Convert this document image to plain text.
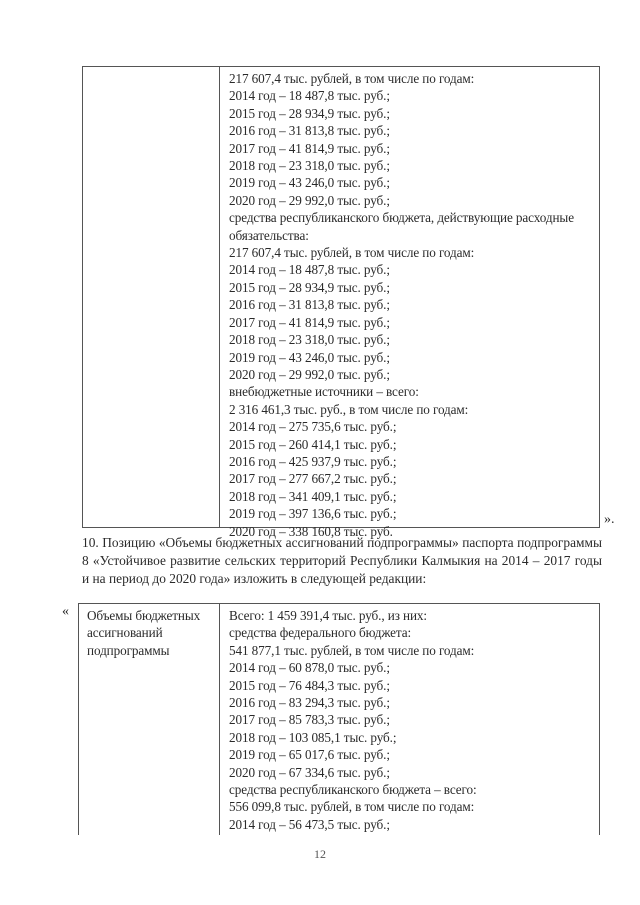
217 607,4 тыс. рублей, в том числе по годам:
2014 год – 18 487,8 тыс. руб.;
2015 год – 28 934,9 тыс. руб.;
2016 год – 31 813,8 тыс. руб.;
2017 год – 41 814,9 тыс. руб.;
2018 год – 23 318,0 тыс. руб.;
2019 год – 43 246,0 тыс. руб.;
2020 год – 29 992,0 тыс. руб.;
средства республиканского бюджета, действующие расходные обязательства:
217 607,4 тыс. рублей, в том числе по годам:
2014 год – 18 487,8 тыс. руб.;
2015 год – 28 934,9 тыс. руб.;
2016 год – 31 813,8 тыс. руб.;
2017 год – 41 814,9 тыс. руб.;
2018 год – 23 318,0 тыс. руб.;
2019 год – 43 246,0 тыс. руб.;
2020 год – 29 992,0 тыс. руб.;
внебюджетные источники – всего:
2 316 461,3 тыс. руб., в том числе по годам:
2014 год – 275 735,6 тыс. руб.;
2015 год – 260 414,1 тыс. руб.;
2016 год – 425 937,9 тыс. руб.;
2017 год – 277 667,2 тыс. руб.;
2018 год – 341 409,1 тыс. руб.;
2019 год – 397 136,6 тыс. руб.;
2020 год – 338 160,8 тыс. руб.
».
10. Позицию «Объемы бюджетных ассигнований подпрограммы» паспорта подпрограммы 8 «Устойчивое развитие сельских территорий Республики Калмыкия на 2014 – 2017 годы и на период до 2020 года» изложить в следующей редакции:
« Объемы бюджетных ассигнований подпрограммы
Всего: 1 459 391,4 тыс. руб., из них:
средства федерального бюджета:
541 877,1 тыс. рублей, в том числе по годам:
2014 год – 60 878,0 тыс. руб.;
2015 год – 76 484,3 тыс. руб.;
2016 год – 83 294,3 тыс. руб.;
2017 год – 85 783,3 тыс. руб.;
2018 год – 103 085,1 тыс. руб.;
2019 год – 65 017,6 тыс. руб.;
2020 год – 67 334,6 тыс. руб.;
средства республиканского бюджета – всего:
556 099,8 тыс. рублей, в том числе по годам:
2014 год – 56 473,5 тыс. руб.;
12
